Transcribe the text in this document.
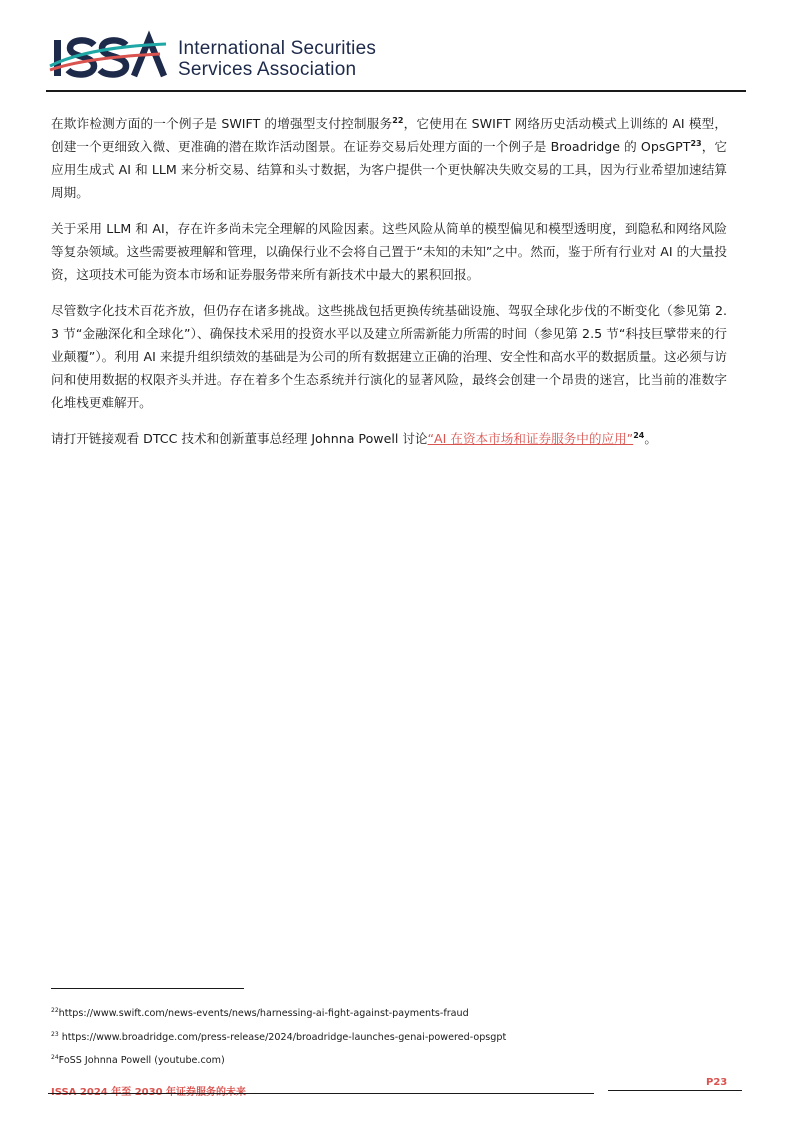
International Securities
Services Association

在欺诈检测方面的一个例子是 SWIFT 的增强型支付控制服务$^{22}$，它使用在 SWIFT 网络历史活动模式上训练的 AI 模型，创建一个更细致入微、更准确的潜在欺诈活动图景。在证券交易后处理方面的一个例子是 Broadridge 的 OpsGPT$^{23}$，它应用生成式 AI 和 LLM 来分析交易、结算和头寸数据，为客户提供一个更快解决失败交易的工具，因为行业希望加速结算周期。

关于采用 LLM 和 AI，存在许多尚未完全理解的风险因素。这些风险从简单的模型偏见和模型透明度，到隐私和网络风险等复杂领域。这些需要被理解和管理，以确保行业不会将自己置于“未知的未知”之中。然而，鉴于所有行业对 AI 的大量投资，这项技术可能为资本市场和证券服务带来所有新技术中最大的累积回报。

尽管数字化技术百花齐放，但仍存在诸多挑战。这些挑战包括更换传统基础设施、驾驭全球化步伐的不断变化（参见第 2.3 节“金融深化和全球化”）、确保技术采用的投资水平以及建立所需新能力所需的时间（参见第 2.5 节“科技巨擘带来的行业颠覆”）。利用 AI 来提升组织绩效的基础是为公司的所有数据建立正确的治理、安全性和高水平的数据质量。这必须与访问和使用数据的权限齐头并进。存在着多个生态系统并行演化的显著风险，最终会创建一个昂贵的迷宫，比当前的准数字化堆栈更难解开。

请打开链接观看 DTCC 技术和创新董事总经理 Johnna Powell 讨论“AI 在资本市场和证券服务中的应用”$^{24}$。

$^{22}$https://www.swift.com/news-events/news/harnessing-ai-fight-against-payments-fraud
$^{23}$ https://www.broadridge.com/press-release/2024/broadridge-launches-genai-powered-opsgpt
$^{24}$FoSS Johnna Powell (youtube.com)
P23
